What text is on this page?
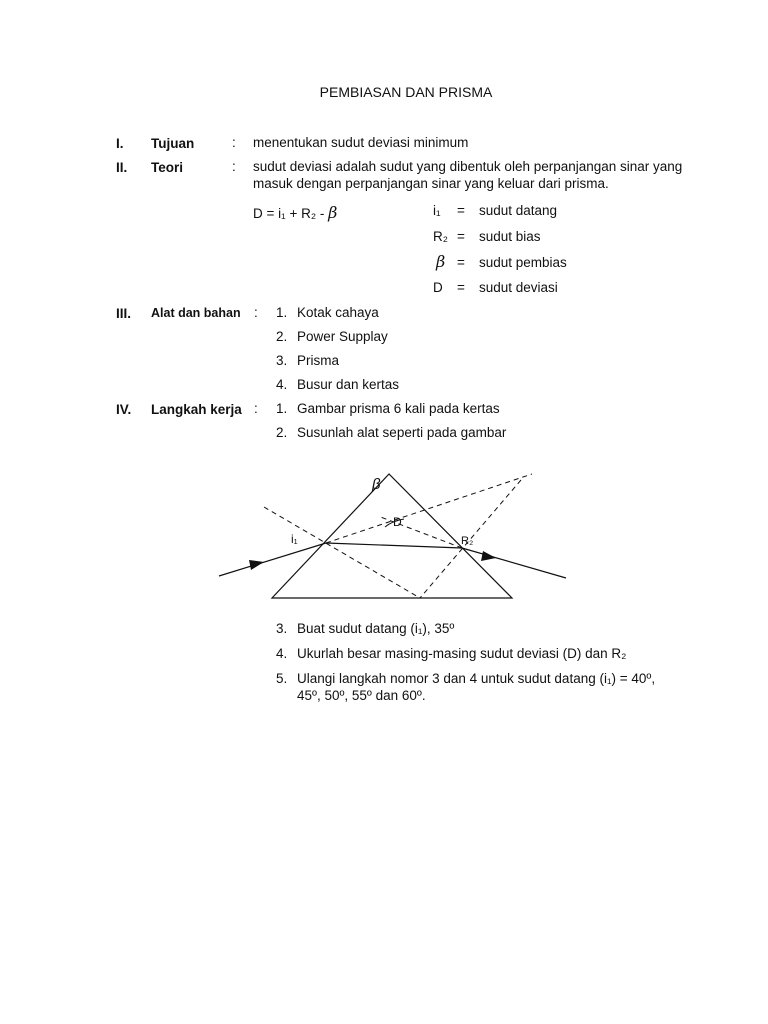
PEMBIASAN DAN PRISMA
I. Tujuan	: menentukan sudut deviasi minimum
II. Teori	: sudut deviasi adalah sudut yang dibentuk oleh perpanjangan sinar yang
masuk dengan perpanjangan sinar yang keluar dari prisma.
D = i₁ + R₂ - β	i₁ = sudut datang
R₂ = sudut bias
β = sudut pembias
D = sudut deviasi
III. Alat dan bahan : 1. Kotak cahaya
2. Power Supplay
3. Prisma
4. Busur dan kertas
IV. Langkah kerja : 1. Gambar prisma 6 kali pada kertas
2. Susunlah alat seperti pada gambar
β
D
i₁	R₂
3. Buat sudut datang (i₁), 35º
4. Ukurlah besar masing-masing sudut deviasi (D) dan R₂
5. Ulangi langkah nomor 3 dan 4 untuk sudut datang (i₁) = 40º,
45º, 50º, 55º dan 60º.
